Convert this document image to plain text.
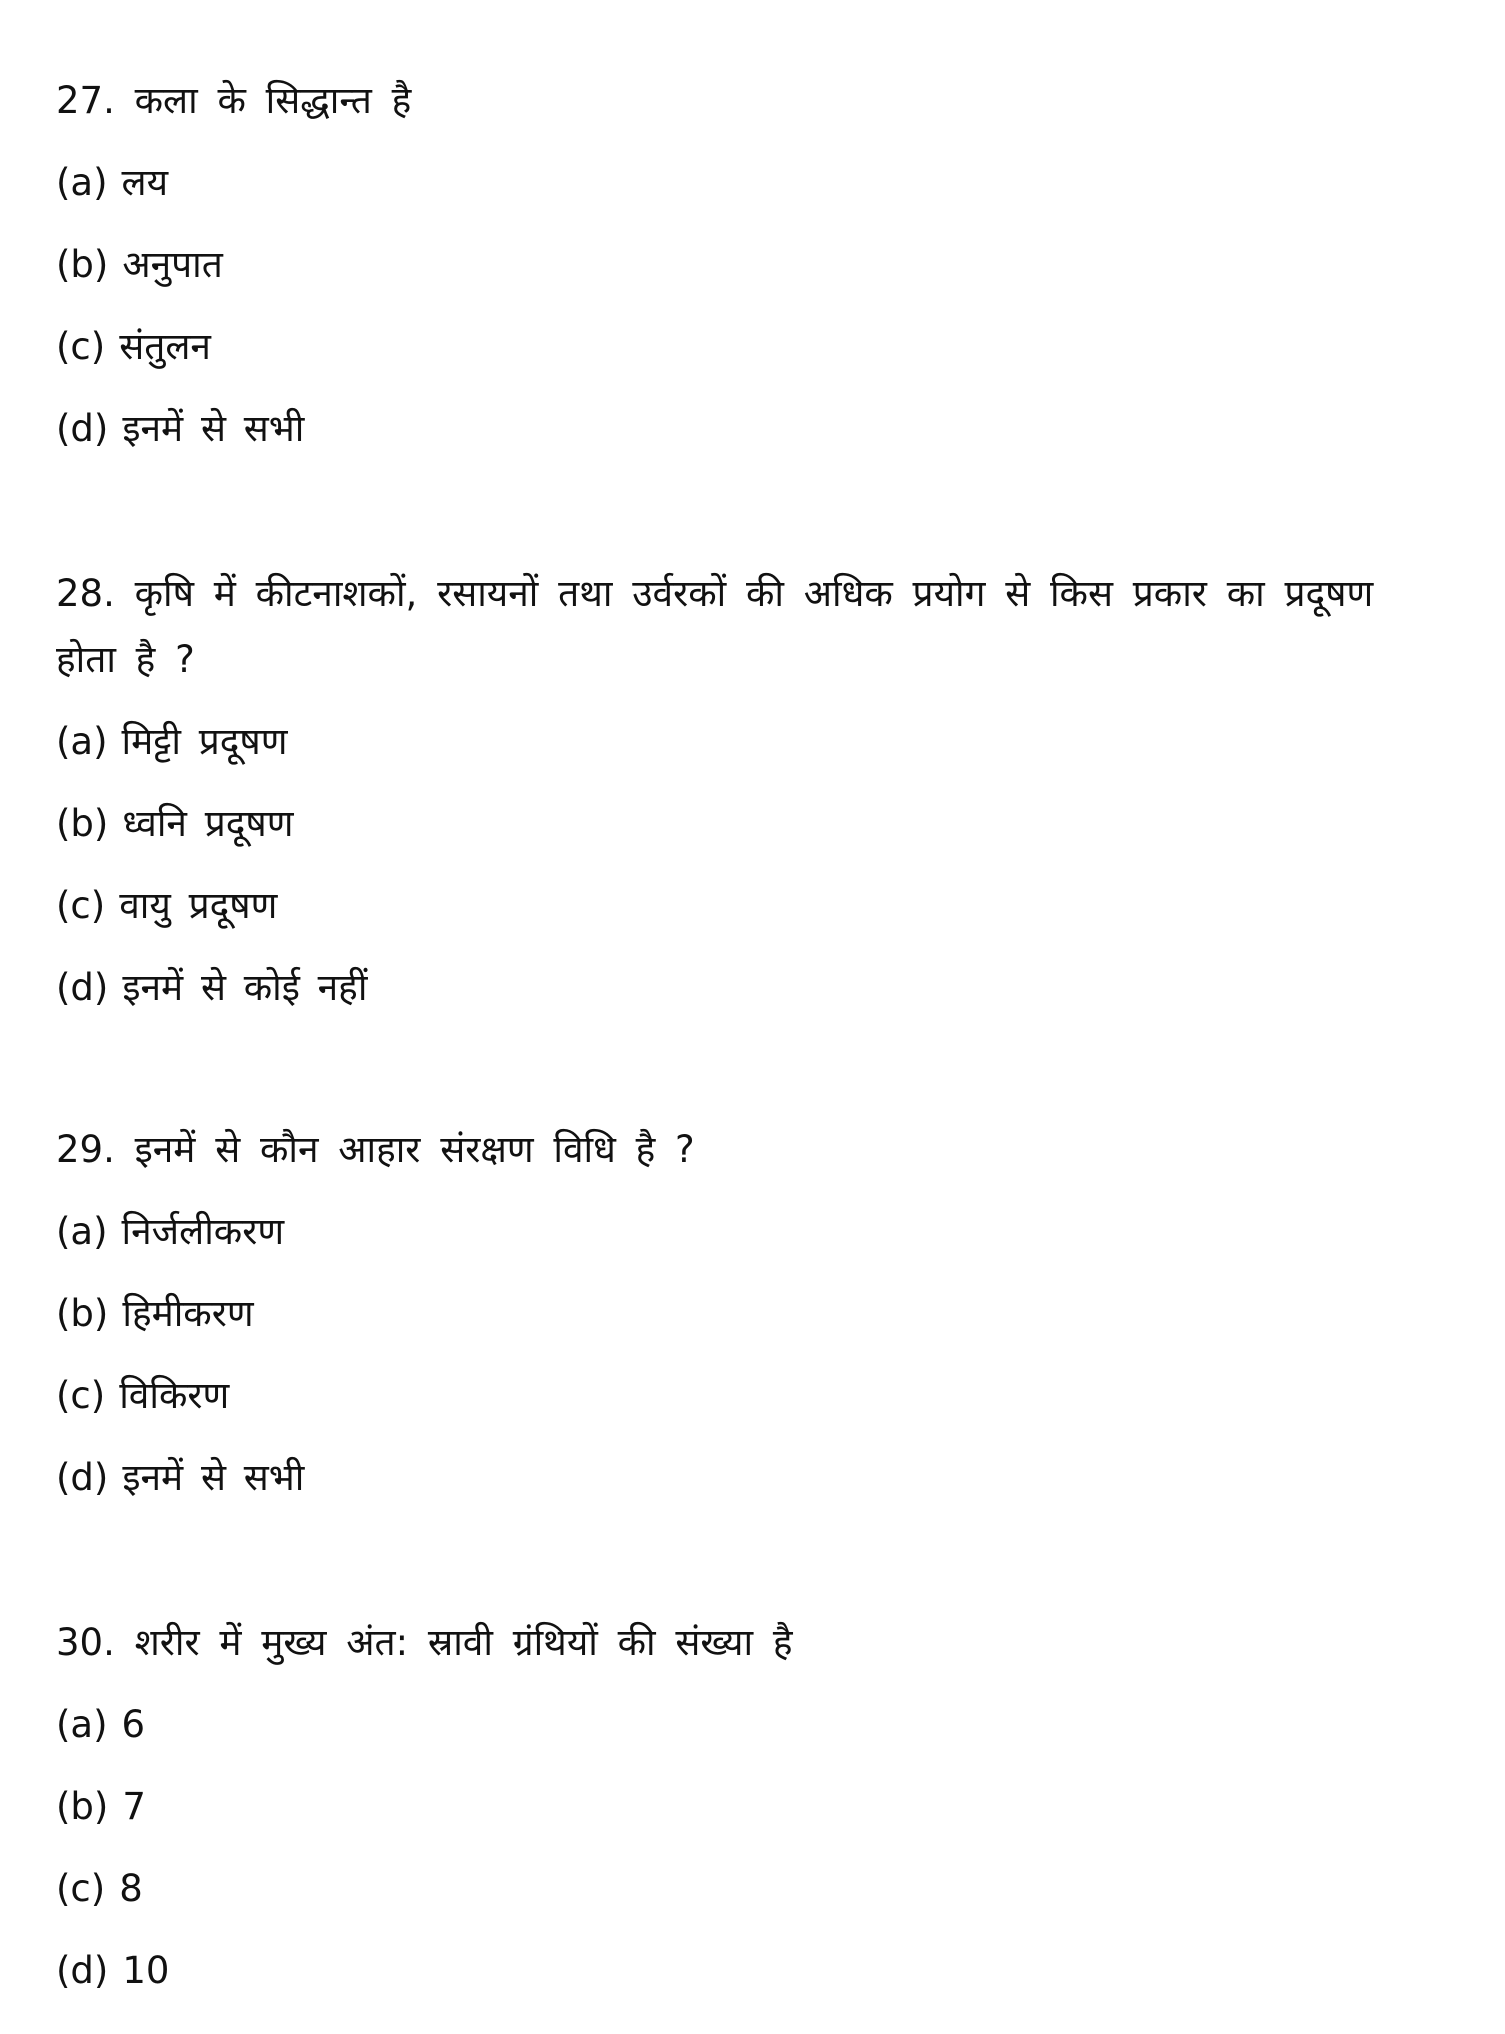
27. कला के सिद्धान्त है
(a) लय
(b) अनुपात
(c) संतुलन
(d) इनमें से सभी
28. कृषि में कीटनाशकों, रसायनों तथा उर्वरकों की अधिक प्रयोग से किस प्रकार का प्रदूषण होता है ?
(a) मिट्टी प्रदूषण
(b) ध्वनि प्रदूषण
(c) वायु प्रदूषण
(d) इनमें से कोई नहीं
29. इनमें से कौन आहार संरक्षण विधि है ?
(a) निर्जलीकरण
(b) हिमीकरण
(c) विकिरण
(d) इनमें से सभी
30. शरीर में मुख्य अंत: स्रावी ग्रंथियों की संख्या है
(a) 6
(b) 7
(c) 8
(d) 10
